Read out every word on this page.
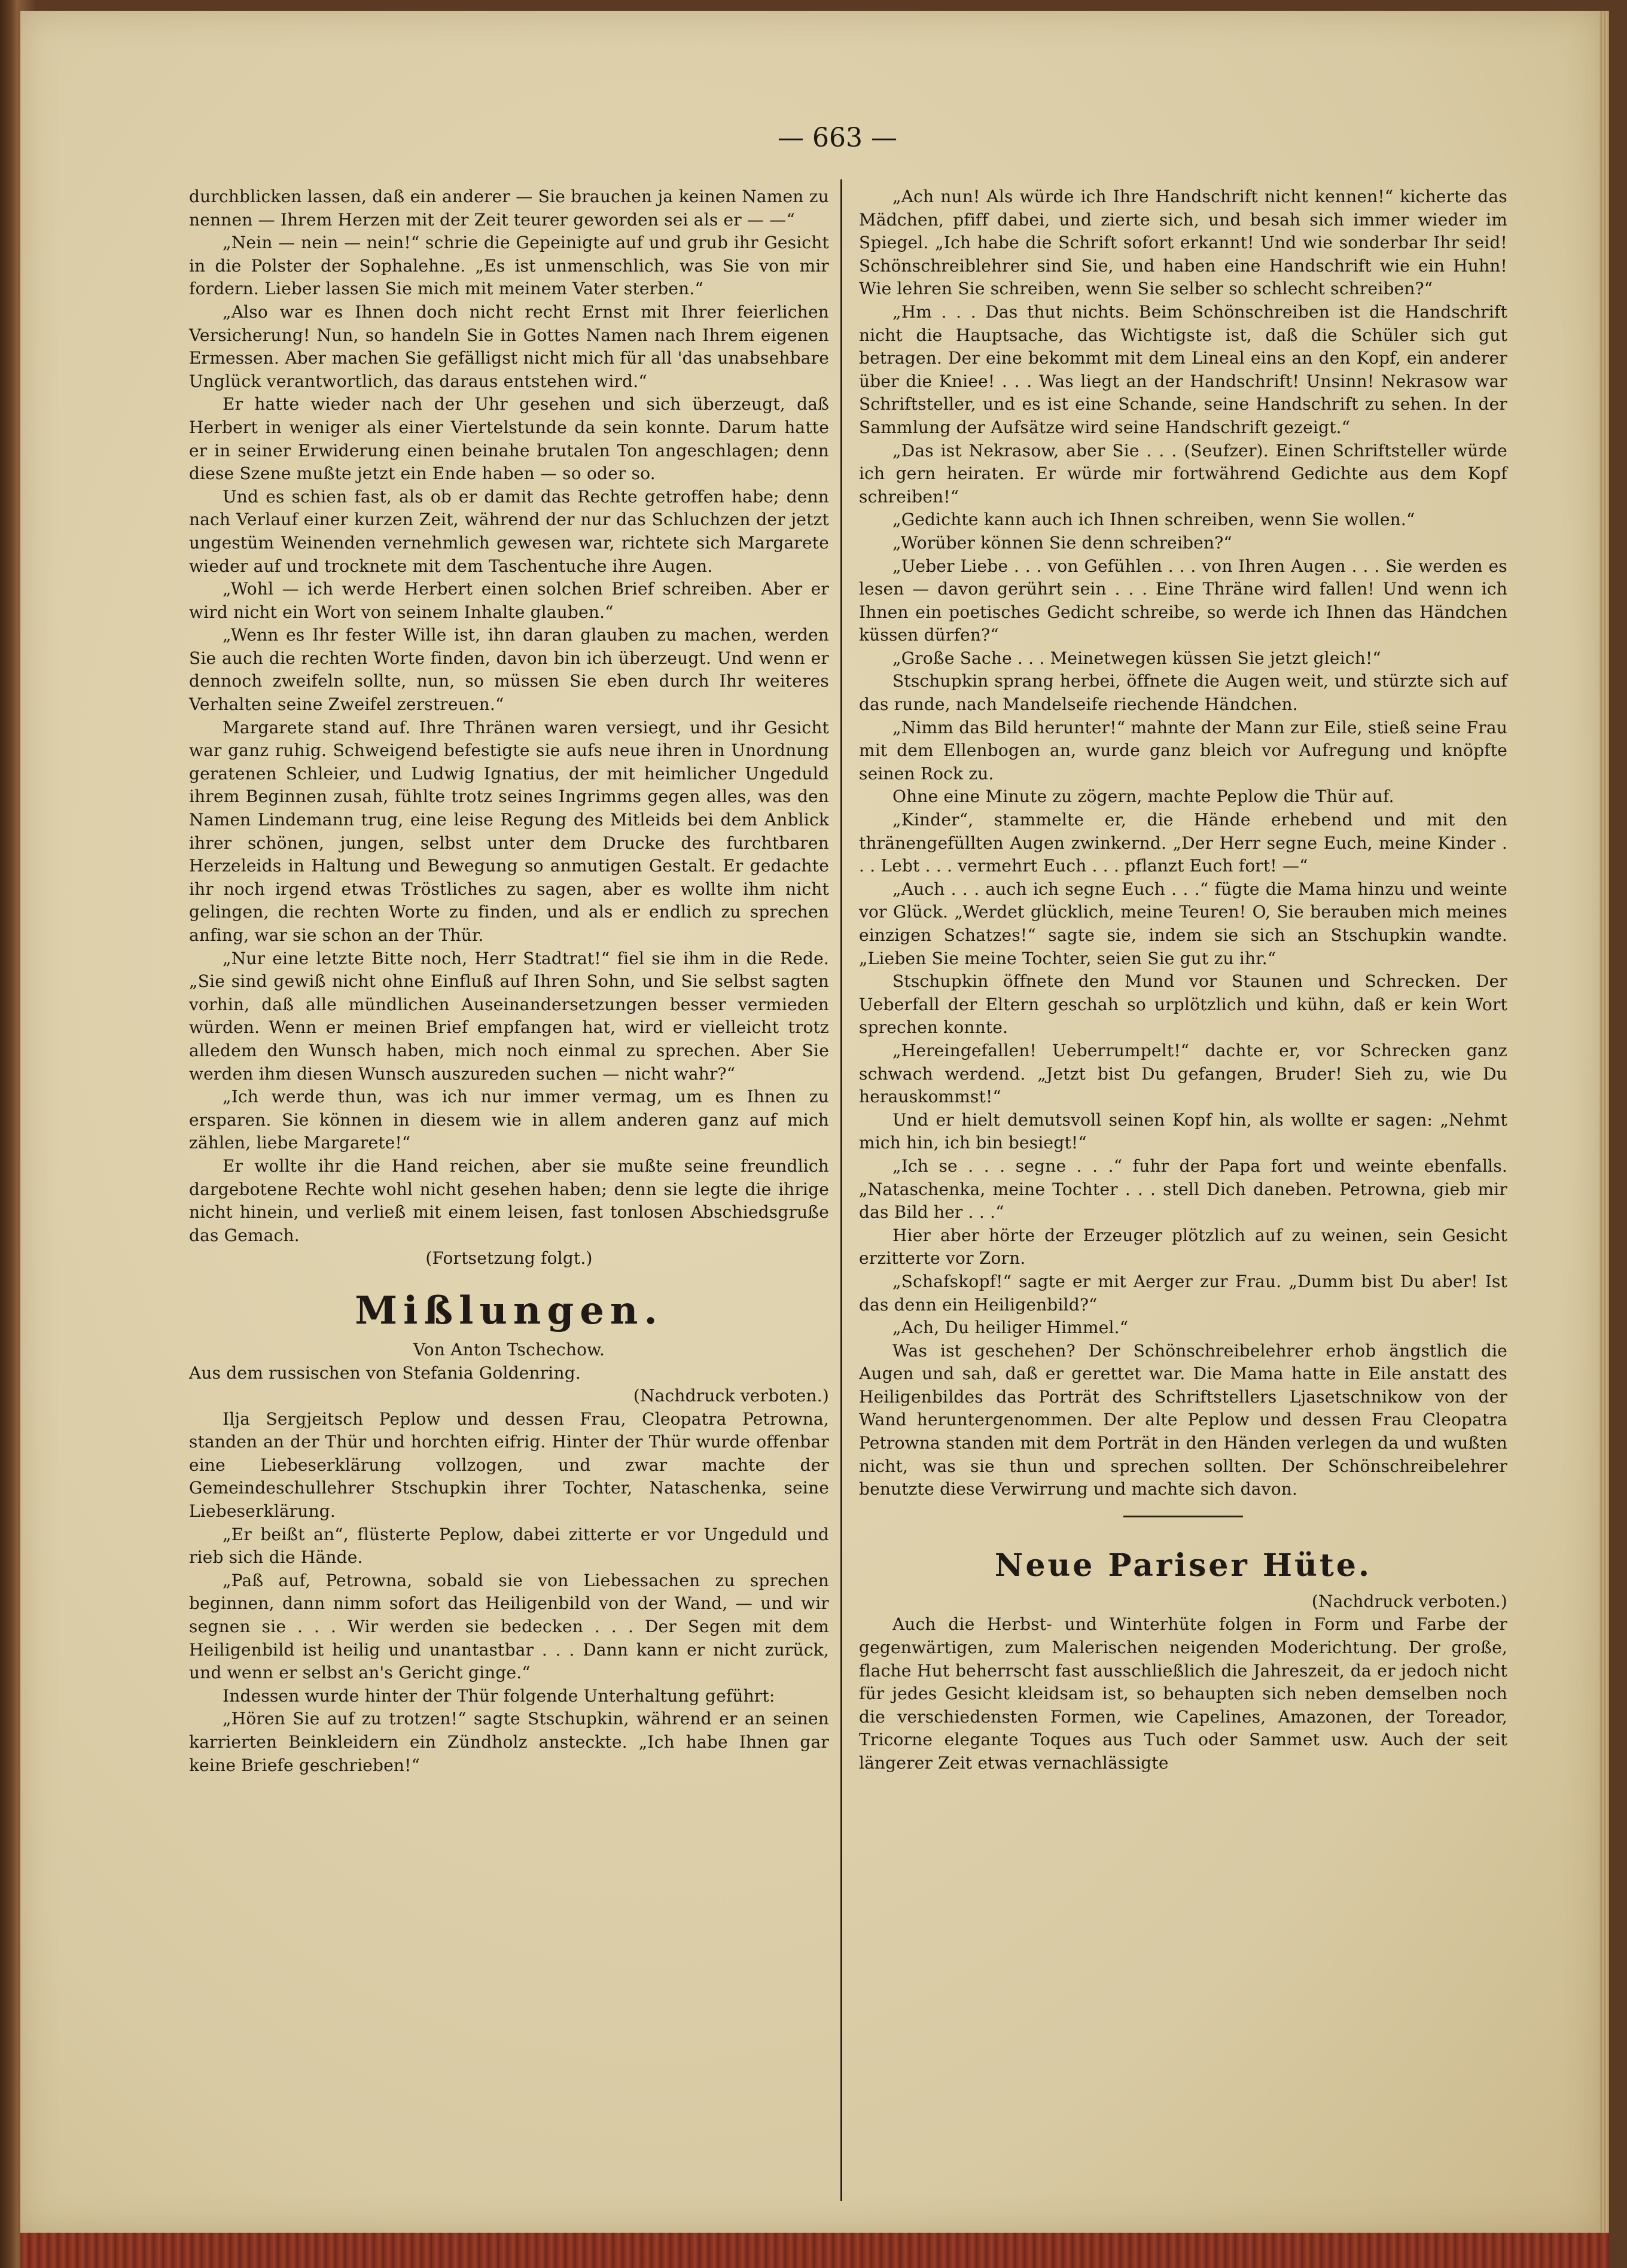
— 663 —

durchblicken lassen, daß ein anderer — Sie brauchen ja keinen Namen zu nennen — Ihrem Herzen mit der Zeit teurer geworden sei als er — —“

„Nein — nein — nein!“ schrie die Gepeinigte auf und grub ihr Gesicht in die Polster der Sophalehne. „Es ist unmenschlich, was Sie von mir fordern. Lieber lassen Sie mich mit meinem Vater sterben.“

„Also war es Ihnen doch nicht recht Ernst mit Ihrer feierlichen Versicherung! Nun, so handeln Sie in Gottes Namen nach Ihrem eigenen Ermessen. Aber machen Sie gefälligst nicht mich für all 'das unabsehbare Unglück verantwortlich, das daraus entstehen wird.“

Er hatte wieder nach der Uhr gesehen und sich überzeugt, daß Herbert in weniger als einer Viertelstunde da sein konnte. Darum hatte er in seiner Erwiderung einen beinahe brutalen Ton angeschlagen; denn diese Szene mußte jetzt ein Ende haben — so oder so.

Und es schien fast, als ob er damit das Rechte getroffen habe; denn nach Verlauf einer kurzen Zeit, während der nur das Schluchzen der jetzt ungestüm Weinenden vernehmlich gewesen war, richtete sich Margarete wieder auf und trocknete mit dem Taschentuche ihre Augen.

„Wohl — ich werde Herbert einen solchen Brief schreiben. Aber er wird nicht ein Wort von seinem Inhalte glauben.“

„Wenn es Ihr fester Wille ist, ihn daran glauben zu machen, werden Sie auch die rechten Worte finden, davon bin ich überzeugt. Und wenn er dennoch zweifeln sollte, nun, so müssen Sie eben durch Ihr weiteres Verhalten seine Zweifel zerstreuen.“

Margarete stand auf. Ihre Thränen waren versiegt, und ihr Gesicht war ganz ruhig. Schweigend befestigte sie aufs neue ihren in Unordnung geratenen Schleier, und Ludwig Ignatius, der mit heimlicher Ungeduld ihrem Beginnen zusah, fühlte trotz seines Ingrimms gegen alles, was den Namen Lindemann trug, eine leise Regung des Mitleids bei dem Anblick ihrer schönen, jungen, selbst unter dem Drucke des furchtbaren Herzeleids in Haltung und Bewegung so anmutigen Gestalt. Er gedachte ihr noch irgend etwas Tröstliches zu sagen, aber es wollte ihm nicht gelingen, die rechten Worte zu finden, und als er endlich zu sprechen anfing, war sie schon an der Thür.

„Nur eine letzte Bitte noch, Herr Stadtrat!“ fiel sie ihm in die Rede. „Sie sind gewiß nicht ohne Einfluß auf Ihren Sohn, und Sie selbst sagten vorhin, daß alle mündlichen Auseinandersetzungen besser vermieden würden. Wenn er meinen Brief empfangen hat, wird er vielleicht trotz alledem den Wunsch haben, mich noch einmal zu sprechen. Aber Sie werden ihm diesen Wunsch auszureden suchen — nicht wahr?“

„Ich werde thun, was ich nur immer vermag, um es Ihnen zu ersparen. Sie können in diesem wie in allem anderen ganz auf mich zählen, liebe Margarete!“

Er wollte ihr die Hand reichen, aber sie mußte seine freundlich dargebotene Rechte wohl nicht gesehen haben; denn sie legte die ihrige nicht hinein, und verließ mit einem leisen, fast tonlosen Abschiedsgruße das Gemach.

(Fortsetzung folgt.)

Mißlungen.

Von Anton Tschechow.

Aus dem russischen von Stefania Goldenring.

(Nachdruck verboten.)

Ilja Sergjeitsch Peplow und dessen Frau, Cleopatra Petrowna, standen an der Thür und horchten eifrig. Hinter der Thür wurde offenbar eine Liebeserklärung vollzogen, und zwar machte der Gemeindeschullehrer Stschupkin ihrer Tochter, Nataschenka, seine Liebeserklärung.

„Er beißt an“, flüsterte Peplow, dabei zitterte er vor Ungeduld und rieb sich die Hände.

„Paß auf, Petrowna, sobald sie von Liebessachen zu sprechen beginnen, dann nimm sofort das Heiligenbild von der Wand, — und wir segnen sie . . . Wir werden sie bedecken . . . Der Segen mit dem Heiligenbild ist heilig und unantastbar . . . Dann kann er nicht zurück, und wenn er selbst an's Gericht ginge.“

Indessen wurde hinter der Thür folgende Unterhaltung geführt:

„Hören Sie auf zu trotzen!“ sagte Stschupkin, während er an seinen karrierten Beinkleidern ein Zündholz ansteckte. „Ich habe Ihnen gar keine Briefe geschrieben!“

„Ach nun! Als würde ich Ihre Handschrift nicht kennen!“ kicherte das Mädchen, pfiff dabei, und zierte sich, und besah sich immer wieder im Spiegel. „Ich habe die Schrift sofort erkannt! Und wie sonderbar Ihr seid! Schönschreiblehrer sind Sie, und haben eine Handschrift wie ein Huhn! Wie lehren Sie schreiben, wenn Sie selber so schlecht schreiben?“

„Hm . . . Das thut nichts. Beim Schönschreiben ist die Handschrift nicht die Hauptsache, das Wichtigste ist, daß die Schüler sich gut betragen. Der eine bekommt mit dem Lineal eins an den Kopf, ein anderer über die Kniee! . . . Was liegt an der Handschrift! Unsinn! Nekrasow war Schriftsteller, und es ist eine Schande, seine Handschrift zu sehen. In der Sammlung der Aufsätze wird seine Handschrift gezeigt.“

„Das ist Nekrasow, aber Sie . . . (Seufzer). Einen Schriftsteller würde ich gern heiraten. Er würde mir fortwährend Gedichte aus dem Kopf schreiben!“

„Gedichte kann auch ich Ihnen schreiben, wenn Sie wollen.“

„Worüber können Sie denn schreiben?“

„Ueber Liebe . . . von Gefühlen . . . von Ihren Augen . . . Sie werden es lesen — davon gerührt sein . . . Eine Thräne wird fallen! Und wenn ich Ihnen ein poetisches Gedicht schreibe, so werde ich Ihnen das Händchen küssen dürfen?“

„Große Sache . . . Meinetwegen küssen Sie jetzt gleich!“

Stschupkin sprang herbei, öffnete die Augen weit, und stürzte sich auf das runde, nach Mandelseife riechende Händchen.

„Nimm das Bild herunter!“ mahnte der Mann zur Eile, stieß seine Frau mit dem Ellenbogen an, wurde ganz bleich vor Aufregung und knöpfte seinen Rock zu.

Ohne eine Minute zu zögern, machte Peplow die Thür auf.

„Kinder“, stammelte er, die Hände erhebend und mit den thränengefüllten Augen zwinkernd. „Der Herr segne Euch, meine Kinder . . . Lebt . . . vermehrt Euch . . . pflanzt Euch fort! —“

„Auch . . . auch ich segne Euch . . .“ fügte die Mama hinzu und weinte vor Glück. „Werdet glücklich, meine Teuren! O, Sie berauben mich meines einzigen Schatzes!“ sagte sie, indem sie sich an Stschupkin wandte. „Lieben Sie meine Tochter, seien Sie gut zu ihr.“

Stschupkin öffnete den Mund vor Staunen und Schrecken. Der Ueberfall der Eltern geschah so urplötzlich und kühn, daß er kein Wort sprechen konnte.

„Hereingefallen! Ueberrumpelt!“ dachte er, vor Schrecken ganz schwach werdend. „Jetzt bist Du gefangen, Bruder! Sieh zu, wie Du herauskommst!“

Und er hielt demutsvoll seinen Kopf hin, als wollte er sagen: „Nehmt mich hin, ich bin besiegt!“

„Ich se . . . segne . . .“ fuhr der Papa fort und weinte ebenfalls. „Nataschenka, meine Tochter . . . stell Dich daneben. Petrowna, gieb mir das Bild her . . .“

Hier aber hörte der Erzeuger plötzlich auf zu weinen, sein Gesicht erzitterte vor Zorn.

„Schafskopf!“ sagte er mit Aerger zur Frau. „Dumm bist Du aber! Ist das denn ein Heiligenbild?“

„Ach, Du heiliger Himmel.“

Was ist geschehen? Der Schönschreibelehrer erhob ängstlich die Augen und sah, daß er gerettet war. Die Mama hatte in Eile anstatt des Heiligenbildes das Porträt des Schriftstellers Ljasetschnikow von der Wand heruntergenommen. Der alte Peplow und dessen Frau Cleopatra Petrowna standen mit dem Porträt in den Händen verlegen da und wußten nicht, was sie thun und sprechen sollten. Der Schönschreibelehrer benutzte diese Verwirrung und machte sich davon.

Neue Pariser Hüte.

(Nachdruck verboten.)

Auch die Herbst- und Winterhüte folgen in Form und Farbe der gegenwärtigen, zum Malerischen neigenden Moderichtung. Der große, flache Hut beherrscht fast ausschließlich die Jahreszeit, da er jedoch nicht für jedes Gesicht kleidsam ist, so behaupten sich neben demselben noch die verschiedensten Formen, wie Capelines, Amazonen, der Toreador, Tricorne elegante Toques aus Tuch oder Sammet usw. Auch der seit längerer Zeit etwas vernachlässigte
